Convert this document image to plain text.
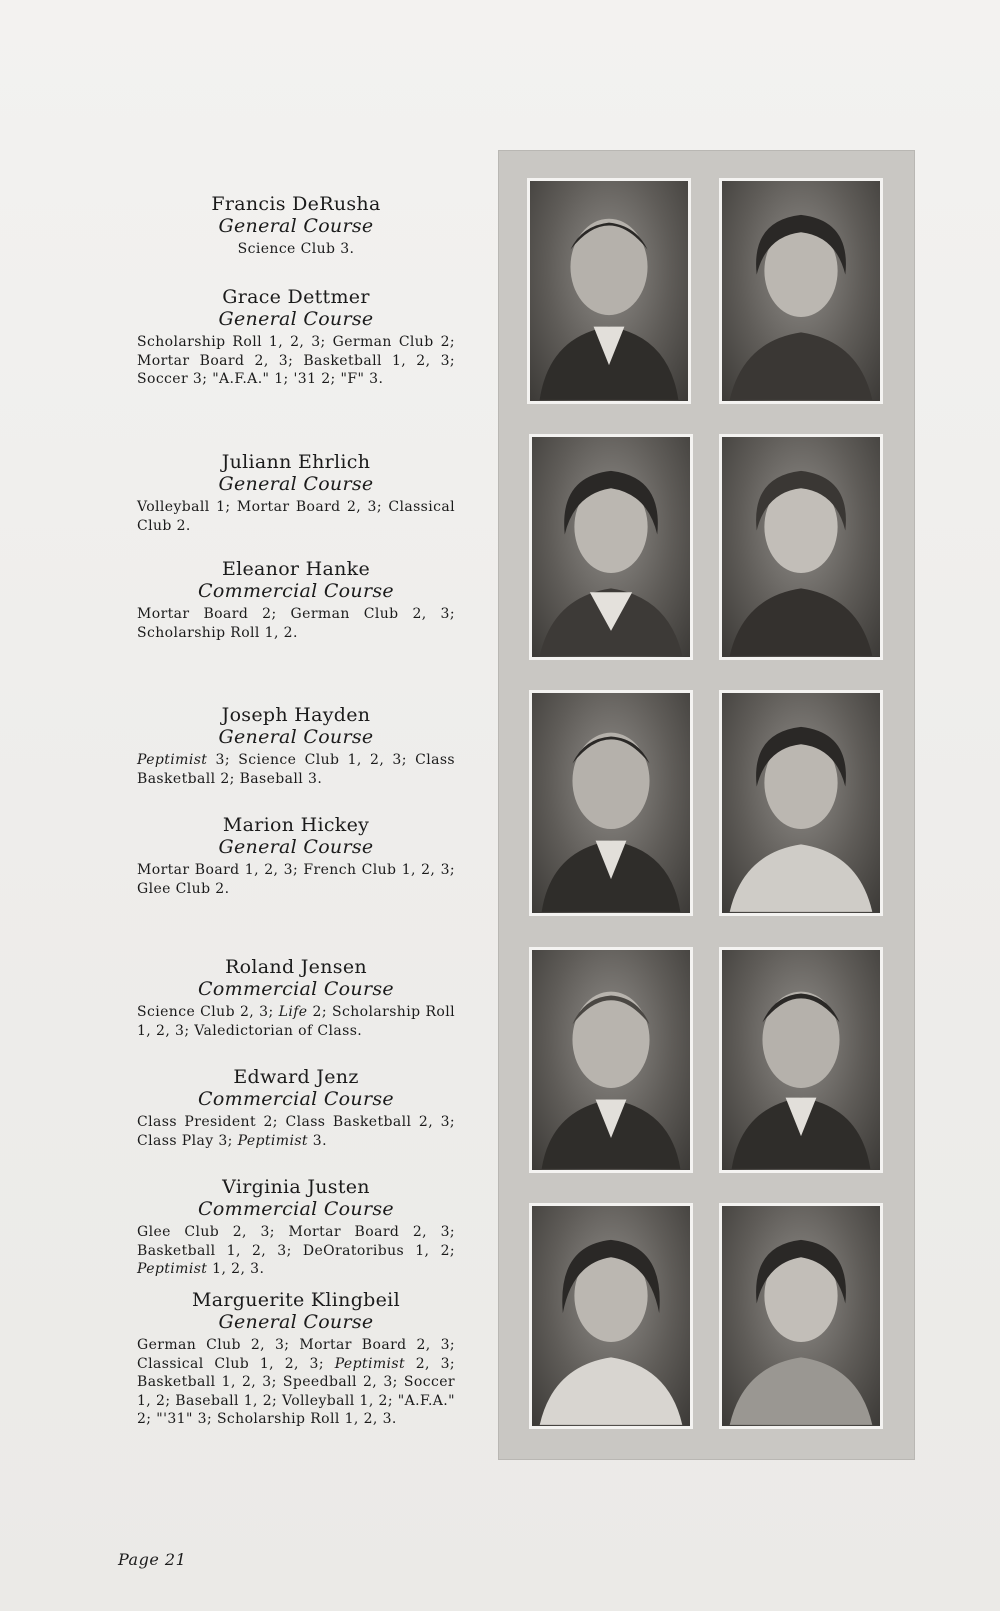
Francis DeRusha
General Course
Science Club 3.
Grace Dettmer
General Course
Scholarship Roll 1, 2, 3; German Club 2; Mortar Board 2, 3; Basketball 1, 2, 3; Soccer 3; "A.F.A." 1; '31 2; "F" 3.
Juliann Ehrlich
General Course
Volleyball 1; Mortar Board 2, 3; Classical Club 2.
Eleanor Hanke
Commercial Course
Mortar Board 2; German Club 2, 3; Scholarship Roll 1, 2.
Joseph Hayden
General Course
Peptimist 3; Science Club 1, 2, 3; Class Basketball 2; Baseball 3.
Marion Hickey
General Course
Mortar Board 1, 2, 3; French Club 1, 2, 3; Glee Club 2.
Roland Jensen
Commercial Course
Science Club 2, 3; Life 2; Scholarship Roll 1, 2, 3; Valedictorian of Class.
Edward Jenz
Commercial Course
Class President 2; Class Basketball 2, 3; Class Play 3; Peptimist 3.
Virginia Justen
Commercial Course
Glee Club 2, 3; Mortar Board 2, 3; Basketball 1, 2, 3; DeOratoribus 1, 2; Peptimist 1, 2, 3.
Marguerite Klingbeil
General Course
German Club 2, 3; Mortar Board 2, 3; Classical Club 1, 2, 3; Peptimist 2, 3; Basketball 1, 2, 3; Speedball 2, 3; Soccer 1, 2; Baseball 1, 2; Volleyball 1, 2; "A.F.A." 2; "'31" 3; Scholarship Roll 1, 2, 3.
Page 21
